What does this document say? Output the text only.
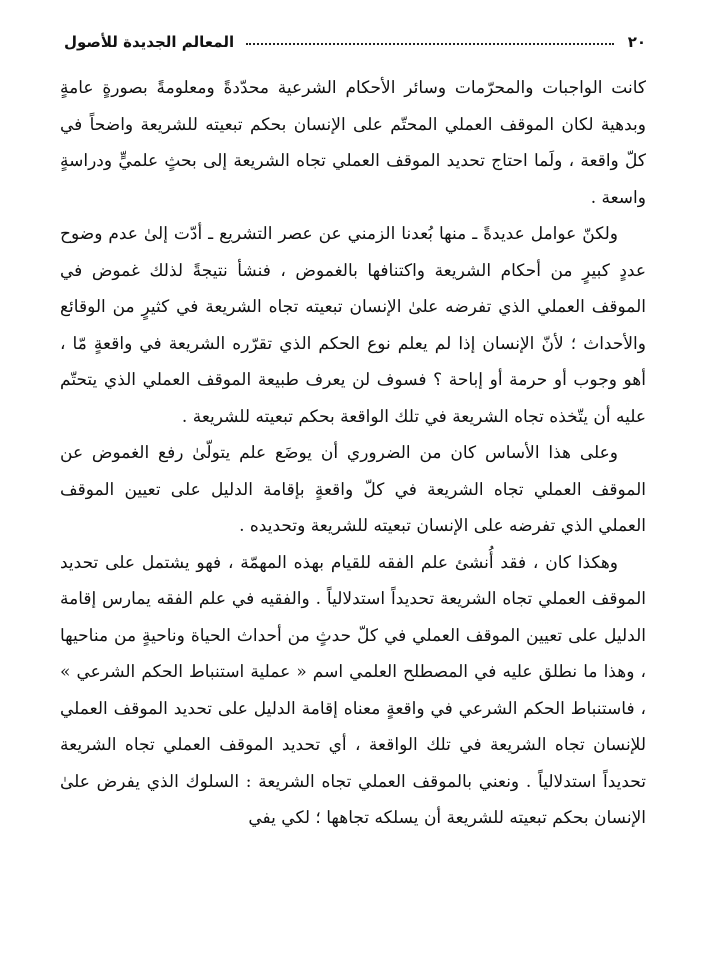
٢٠
المعالم الجديدة للأصول

كانت الواجبات والمحرّمات وسائر الأحكام الشرعية محدّدةً ومعلومةً بصورةٍ عامةٍ وبدهية لكان الموقف العملي المحتّم على الإنسان بحكم تبعيته للشريعة واضحاً في كلّ واقعة ، ولَما احتاج تحديد الموقف العملي تجاه الشريعة إلى بحثٍ علميٍّ ودراسةٍ واسعة .

ولكنّ عوامل عديدةً ـ منها بُعدنا الزمني عن عصر التشريع ـ أدّت إلىٰ عدم وضوح عددٍ كبيرٍ من أحكام الشريعة واكتنافها بالغموض ، فنشأ نتيجةً لذلك غموض في الموقف العملي الذي تفرضه علىٰ الإنسان تبعيته تجاه الشريعة في كثيرٍ من الوقائع والأحداث ؛ لأنّ الإنسان إذا لم يعلم نوع الحكم الذي تقرّره الشريعة في واقعةٍ مّا ، أهو وجوب أو حرمة أو إباحة ؟ فسوف لن يعرف طبيعة الموقف العملي الذي يتحتّم عليه أن يتّخذه تجاه الشريعة في تلك الواقعة بحكم تبعيته للشريعة .

وعلى هذا الأساس كان من الضروري أن يوضَع علم يتولّىٰ رفع الغموض عن الموقف العملي تجاه الشريعة في كلّ واقعةٍ بإقامة الدليل على تعيين الموقف العملي الذي تفرضه على الإنسان تبعيته للشريعة وتحديده .

وهكذا كان ، فقد أُنشئ علم الفقه للقيام بهذه المهمّة ، فهو يشتمل على تحديد الموقف العملي تجاه الشريعة تحديداً استدلالياً . والفقيه في علم الفقه يمارس إقامة الدليل على تعيين الموقف العملي في كلّ حدثٍ من أحداث الحياة وناحيةٍ من مناحيها ، وهذا ما نطلق عليه في المصطلح العلمي اسم « عملية استنباط الحكم الشرعي » ، فاستنباط الحكم الشرعي في واقعةٍ معناه إقامة الدليل على تحديد الموقف العملي للإنسان تجاه الشريعة في تلك الواقعة ، أي تحديد الموقف العملي تجاه الشريعة تحديداً استدلالياً . ونعني بالموقف العملي تجاه الشريعة : السلوك الذي يفرض علىٰ الإنسان بحكم تبعيته للشريعة أن يسلكه تجاهها ؛ لكي يفي
